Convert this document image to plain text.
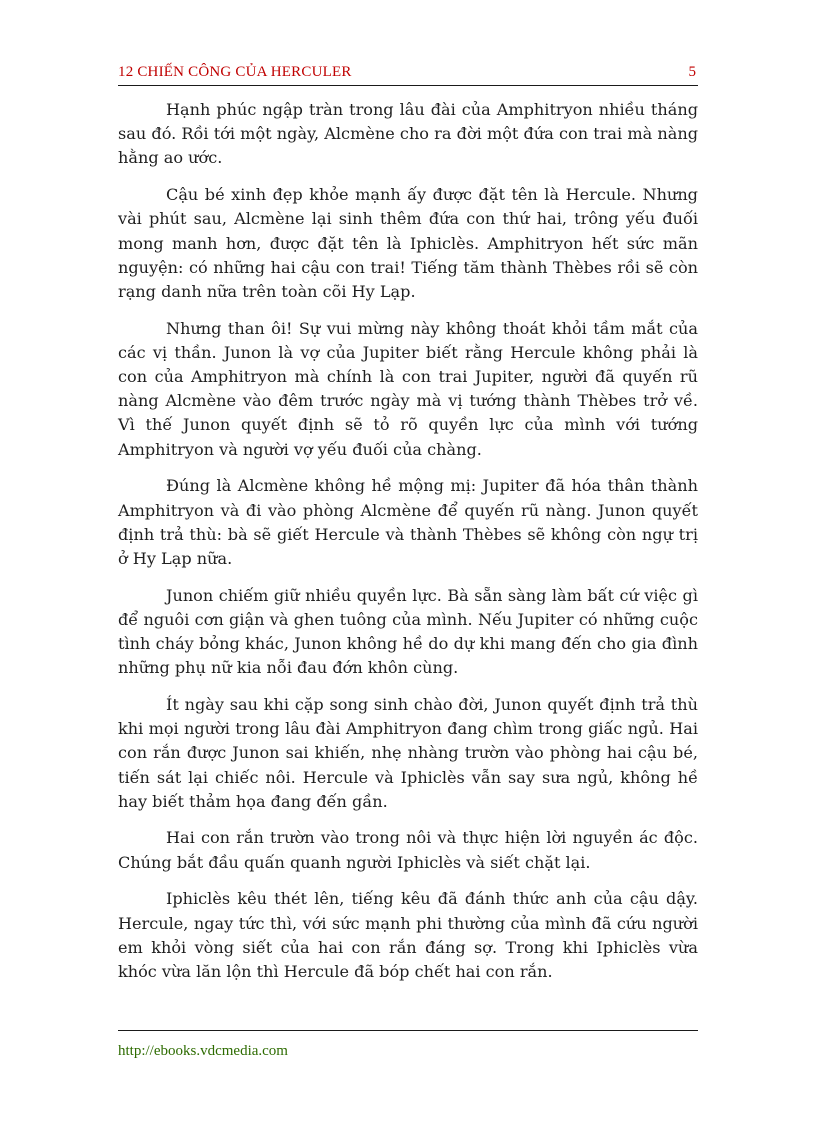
12 CHIẾN CÔNG CỦA HERCULER	5

Hạnh phúc ngập tràn trong lâu đài của Amphitryon nhiều tháng sau đó. Rồi tới một ngày, Alcmène cho ra đời một đứa con trai mà nàng hằng ao ước.

Cậu bé xinh đẹp khỏe mạnh ấy được đặt tên là Hercule. Nhưng vài phút sau, Alcmène lại sinh thêm đứa con thứ hai, trông yếu đuối mong manh hơn, được đặt tên là Iphiclès. Amphitryon hết sức mãn nguyện: có những hai cậu con trai! Tiếng tăm thành Thèbes rồi sẽ còn rạng danh nữa trên toàn cõi Hy Lạp.

Nhưng than ôi! Sự vui mừng này không thoát khỏi tầm mắt của các vị thần. Junon là vợ của Jupiter biết rằng Hercule không phải là con của Amphitryon mà chính là con trai Jupiter, người đã quyến rũ nàng Alcmène vào đêm trước ngày mà vị tướng thành Thèbes trở về. Vì thế Junon quyết định sẽ tỏ rõ quyền lực của mình với tướng Amphitryon và người vợ yếu đuối của chàng.

Đúng là Alcmène không hề mộng mị: Jupiter đã hóa thân thành Amphitryon và đi vào phòng Alcmène để quyến rũ nàng. Junon quyết định trả thù: bà sẽ giết Hercule và thành Thèbes sẽ không còn ngự trị ở Hy Lạp nữa.

Junon chiếm giữ nhiều quyền lực. Bà sẵn sàng làm bất cứ việc gì để nguôi cơn giận và ghen tuông của mình. Nếu Jupiter có những cuộc tình cháy bỏng khác, Junon không hề do dự khi mang đến cho gia đình những phụ nữ kia nỗi đau đớn khôn cùng.

Ít ngày sau khi cặp song sinh chào đời, Junon quyết định trả thù khi mọi người trong lâu đài Amphitryon đang chìm trong giấc ngủ. Hai con rắn được Junon sai khiến, nhẹ nhàng trườn vào phòng hai cậu bé, tiến sát lại chiếc nôi. Hercule và Iphiclès vẫn say sưa ngủ, không hề hay biết thảm họa đang đến gần.

Hai con rắn trườn vào trong nôi và thực hiện lời nguyền ác độc. Chúng bắt đầu quấn quanh người Iphiclès và siết chặt lại.

Iphiclès kêu thét lên, tiếng kêu đã đánh thức anh của cậu dậy. Hercule, ngay tức thì, với sức mạnh phi thường của mình đã cứu người em khỏi vòng siết của hai con rắn đáng sợ. Trong khi Iphiclès vừa khóc vừa lăn lộn thì Hercule đã bóp chết hai con rắn.

http://ebooks.vdcmedia.com
